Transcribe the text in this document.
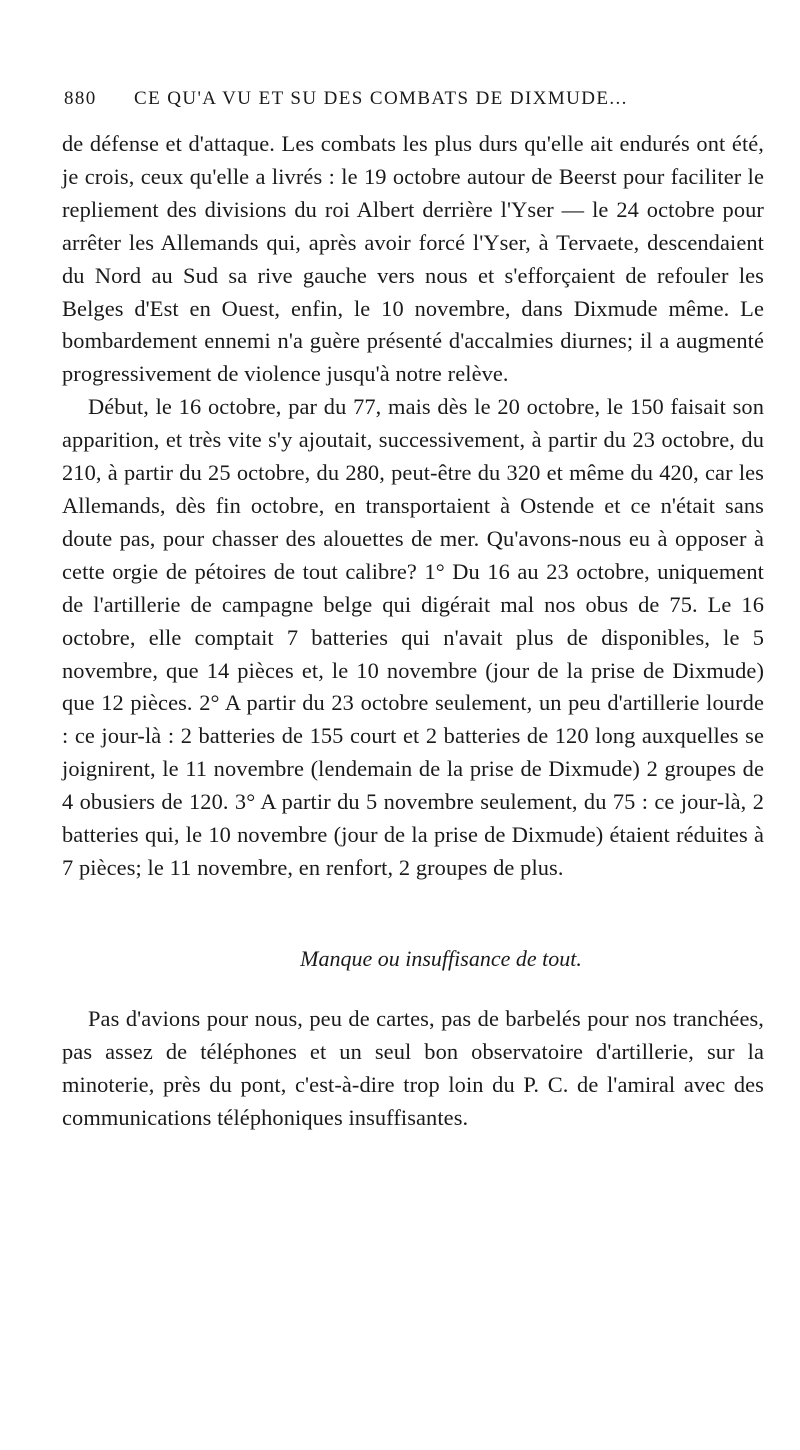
880 CE QU'A VU ET SU DES COMBATS DE DIXMUDE...

de défense et d'attaque. Les combats les plus durs qu'elle ait endurés ont été, je crois, ceux qu'elle a livrés : le 19 octobre autour de Beerst pour faciliter le repliement des divisions du roi Albert derrière l'Yser — le 24 octobre pour arrêter les Allemands qui, après avoir forcé l'Yser, à Tervaete, descendaient du Nord au Sud sa rive gauche vers nous et s'efforçaient de refouler les Belges d'Est en Ouest, enfin, le 10 novembre, dans Dixmude même. Le bombardement ennemi n'a guère présenté d'accalmies diurnes; il a augmenté progressivement de violence jusqu'à notre relève.

Début, le 16 octobre, par du 77, mais dès le 20 octobre, le 150 faisait son apparition, et très vite s'y ajoutait, successivement, à partir du 23 octobre, du 210, à partir du 25 octobre, du 280, peut-être du 320 et même du 420, car les Allemands, dès fin octobre, en transportaient à Ostende et ce n'était sans doute pas, pour chasser des alouettes de mer. Qu'avons-nous eu à opposer à cette orgie de pétoires de tout calibre? 1° Du 16 au 23 octobre, uniquement de l'artillerie de campagne belge qui digérait mal nos obus de 75. Le 16 octobre, elle comptait 7 batteries qui n'avait plus de disponibles, le 5 novembre, que 14 pièces et, le 10 novembre (jour de la prise de Dixmude) que 12 pièces. 2° A partir du 23 octobre seulement, un peu d'artillerie lourde : ce jour-là : 2 batteries de 155 court et 2 batteries de 120 long auxquelles se joignirent, le 11 novembre (lendemain de la prise de Dixmude) 2 groupes de 4 obusiers de 120. 3° A partir du 5 novembre seulement, du 75 : ce jour-là, 2 batteries qui, le 10 novembre (jour de la prise de Dixmude) étaient réduites à 7 pièces; le 11 novembre, en renfort, 2 groupes de plus.

Manque ou insuffisance de tout.

Pas d'avions pour nous, peu de cartes, pas de barbelés pour nos tranchées, pas assez de téléphones et un seul bon observatoire d'artillerie, sur la minoterie, près du pont, c'est-à-dire trop loin du P. C. de l'amiral avec des communications téléphoniques insuffisantes.
